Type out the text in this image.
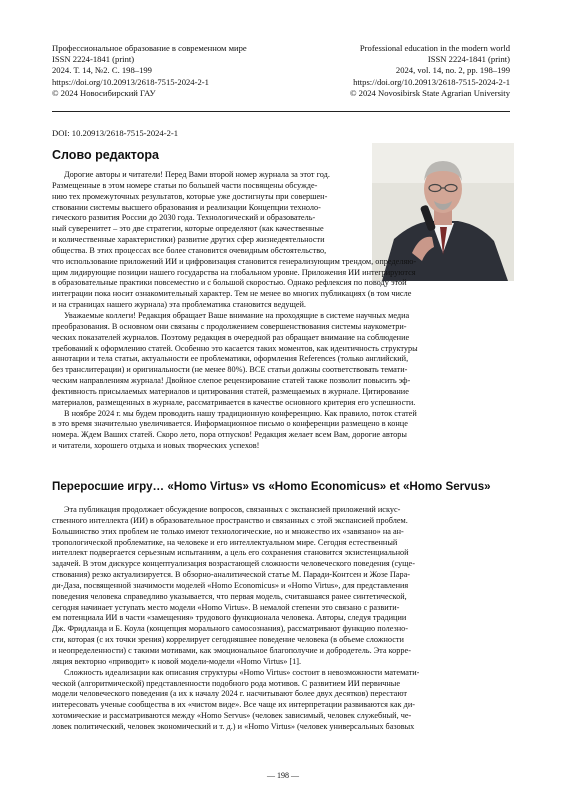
Профессиональное образование в современном мире
ISSN 2224-1841 (print)
2024. Т. 14, №2. С. 198–199
https://doi.org/10.20913/2618-7515-2024-2-1
© 2024 Новосибирский ГАУ
Professional education in the modern world
ISSN 2224-1841 (print)
2024, vol. 14, no. 2, pp. 198–199
https://doi.org/10.20913/2618-7515-2024-2-1
© 2024 Novosibirsk State Agrarian University
DOI: 10.20913/2618-7515-2024-2-1
Слово редактора
Дорогие авторы и читатели! Перед Вами второй номер журнала за этот год.
Размещенные в этом номере статьи по большей части посвящены обсужде-
нию тех промежуточных результатов, которые уже достигнуты при совершен-
ствовании системы высшего образования и реализации Концепции техноло-
гического развития России до 2030 года. Технологический и образователь-
ный суверенитет – это две стратегии, которые определяют (как качественные
и количественные характеристики) развитие других сфер жизнедеятельности
общества. В этих процессах все более становится очевидным обстоятельство,
что использование приложений ИИ и цифровизация становится генерализующим трендом, определяю-
щим лидирующие позиции нашего государства на глобальном уровне. Приложения ИИ интегрируются
в образовательные практики повсеместно и с большой скоростью. Однако рефлексия по поводу этой
интеграции пока носит ознакомительный характер. Тем не менее во многих публикациях (в том числе
и на страницах нашего журнала) эта проблематика становится ведущей.
Уважаемые коллеги! Редакция обращает Ваше внимание на проходящие в системе научных медиа
преобразования. В основном они связаны с продолжением совершенствования системы наукометри-
ческих показателей журналов. Поэтому редакция в очередной раз обращает внимание на соблюдение
требований к оформлению статей. Особенно это касается таких моментов, как идентичность структуры
аннотации и тела статьи, актуальности ее проблематики, оформления References (только английский,
без транслитерации) и оригинальности (не менее 80%). ВСЕ статьи должны соответствовать темати-
ческим направлениям журнала! Двойное слепое рецензирование статей также позволит повысить эф-
фективность присылаемых материалов и цитирования статей, размещаемых в журнале. Цитирование
материалов, размещенных в журнале, рассматривается в качестве основного критерия его успешности.
В ноябре 2024 г. мы будем проводить нашу традиционную конференцию. Как правило, поток статей
в это время значительно увеличивается. Информационное письмо о конференции размещено в конце
номера. Ждем Ваших статей. Скоро лето, пора отпусков! Редакция желает всем Вам, дорогие авторы
и читатели, хорошего отдыха и новых творческих успехов!
Переросшие игру… «Homo Virtus» vs «Homo Economicus» et «Homo Servus»
Эта публикация продолжает обсуждение вопросов, связанных с экспансией приложений искус-
ственного интеллекта (ИИ) в образовательное пространство и связанных с этой экспансией проблем.
Большинство этих проблем не только имеют технологические, но и множество их «завязано» на ан-
тропологической проблематике, на человеке и его интеллектуальном мире. Сегодня естественный
интеллект подвергается серьезным испытаниям, а цель его сохранения становится экзистенциальной
задачей. В этом дискурсе концептуализация возрастающей сложности человеческого поведения (суще-
ствования) резко актуализируется. В обзорно-аналитической статье М. Паради-Контсен и Жозе Пара-
ди-Даза, посвященной значимости моделей «Homo Economicus» и «Homo Virtus», для представления
поведения человека справедливо указывается, что первая модель, считавшаяся ранее синтетической,
сегодня начинает уступать место модели «Homo Virtus». В немалой степени это связано с развити-
ем потенциала ИИ в части «замещения» трудового функционала человека. Авторы, следуя традиции
Дж. Фридланда и Б. Коула (концепция морального самосознания), рассматривают функцию полезно-
сти, которая (с их точки зрения) коррелирует сегодняшнее поведение человека (в объеме сложности
и неопределенности) с такими мотивами, как эмоциональное благополучие и добродетель. Эта корре-
ляция векторно «приводит» к новой модели-модели «Homo Virtus» [1].
Сложность идеализации как описания структуры «Homo Virtus» состоит в невозможности математи-
ческой (алгоритмической) представленности подобного рода мотивов. С развитием ИИ первичные
модели человеческого поведения (а их к началу 2024 г. насчитывают более двух десятков) перестают
интересовать ученые сообщества в их «чистом виде». Все чаще их интерпретации развиваются как ди-
хотомические и рассматриваются между «Homo Servus» (человек зависимый, человек служебный, че-
ловек политический, человек экономический и т. д.) и «Homo Virtus» (человек универсальных базовых
— 198 —
